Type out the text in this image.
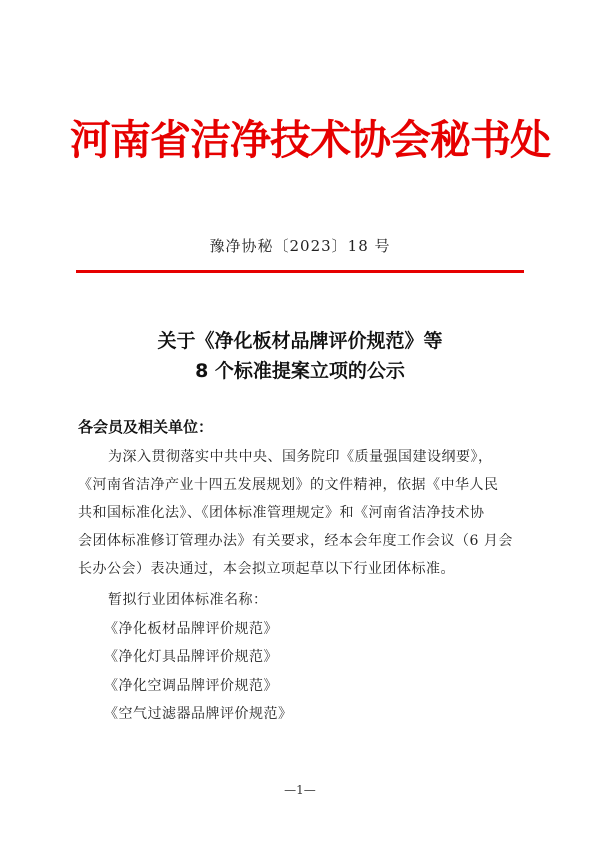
河南省洁净技术协会秘书处
豫净协秘〔2023〕18 号
关于《净化板材品牌评价规范》等
8 个标准提案立项的公示
各会员及相关单位：
为深入贯彻落实中共中央、国务院印《质量强国建设纲要》，
《河南省洁净产业十四五发展规划》的文件精神，依据《中华人民
共和国标准化法》、《团体标准管理规定》和《河南省洁净技术协
会团体标准修订管理办法》有关要求，经本会年度工作会议（6 月会
长办公会）表决通过，本会拟立项起草以下行业团体标准。
暂拟行业团体标准名称：
《净化板材品牌评价规范》
《净化灯具品牌评价规范》
《净化空调品牌评价规范》
《空气过滤器品牌评价规范》
—1—
